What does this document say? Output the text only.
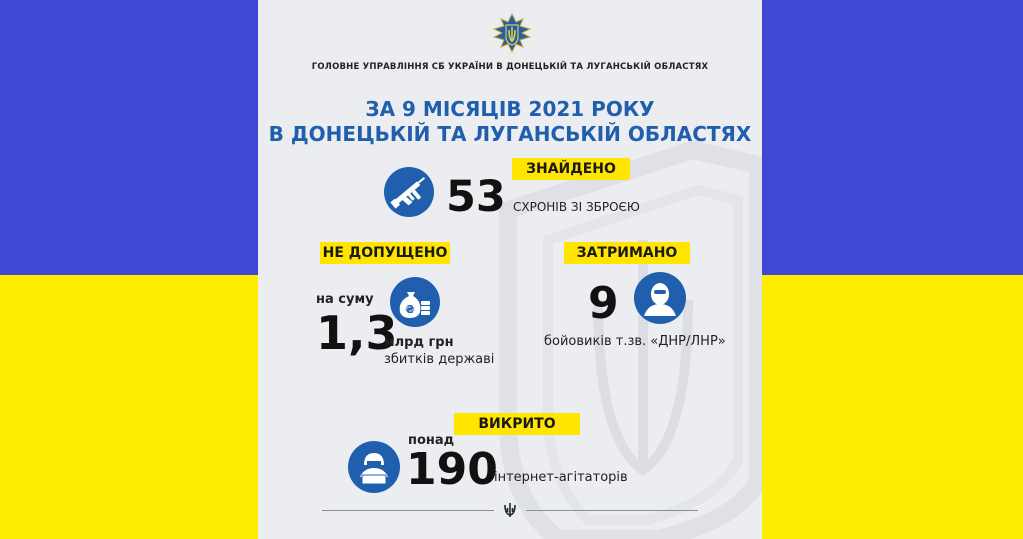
ГОЛОВНЕ УПРАВЛІННЯ СБ УКРАЇНИ В ДОНЕЦЬКІЙ ТА ЛУГАНСЬКІЙ ОБЛАСТЯХ
ЗА 9 МІСЯЦІВ 2021 РОКУ
В ДОНЕЦЬКІЙ ТА ЛУГАНСЬКІЙ ОБЛАСТЯХ
ЗНАЙДЕНО
53 СХРОНІВ ЗІ ЗБРОЄЮ
НЕ ДОПУЩЕНО
на суму
₴
1,3
млрд грн
збитків державі
ЗАТРИМАНО
9
бойовиків т.зв. «ДНР/ЛНР»
ВИКРИТО
понад
190
інтернет-агітаторів
